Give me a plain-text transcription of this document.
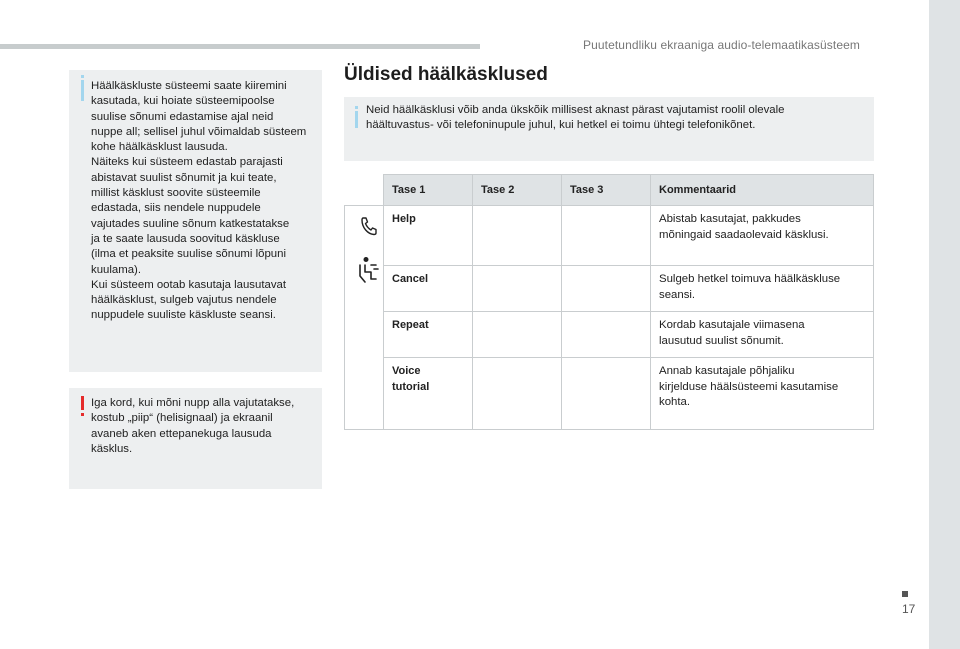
Puutetundliku ekraaniga audio-telemaatikasüsteem

Häälkäskluste süsteemi saate kiiremini
kasutada, kui hoiate süsteemipoolse
suulise sõnumi edastamise ajal neid
nuppe all; sellisel juhul võimaldab süsteem
kohe häälkäsklust lausuda.
Näiteks kui süsteem edastab parajasti
abistavat suulist sõnumit ja kui teate,
millist käsklust soovite süsteemile
edastada, siis nendele nuppudele
vajutades suuline sõnum katkestatakse
ja te saate lausuda soovitud käskluse
(ilma et peaksite suulise sõnumi lõpuni
kuulama).
Kui süsteem ootab kasutaja lausutavat
häälkäsklust, sulgeb vajutus nendele
nuppudele suuliste käskluste seansi.

Iga kord, kui mõni nupp alla vajutatakse,
kostub „piip“ (helisignaal) ja ekraanil
avaneb aken ettepanekuga lausuda
käsklus.

Üldised häälkäsklused

Neid häälkäsklusi võib anda ükskõik millisest aknast pärast vajutamist roolil olevale
häältuvastus- või telefoninupule juhul, kui hetkel ei toimu ühtegi telefonikõnet.

	Tase 1	Tase 2	Tase 3	Kommentaarid

	Help			Abistab kasutajat, pakkudes
mõningaid saadaolevaid käsklusi.
	Cancel			Sulgeb hetkel toimuva häälkäskluse
seansi.
	Repeat			Kordab kasutajale viimasena
lausutud suulist sõnumit.
	Voice
tutorial			Annab kasutajale põhjaliku
kirjelduse häälsüsteemi kasutamise
kohta.
17
